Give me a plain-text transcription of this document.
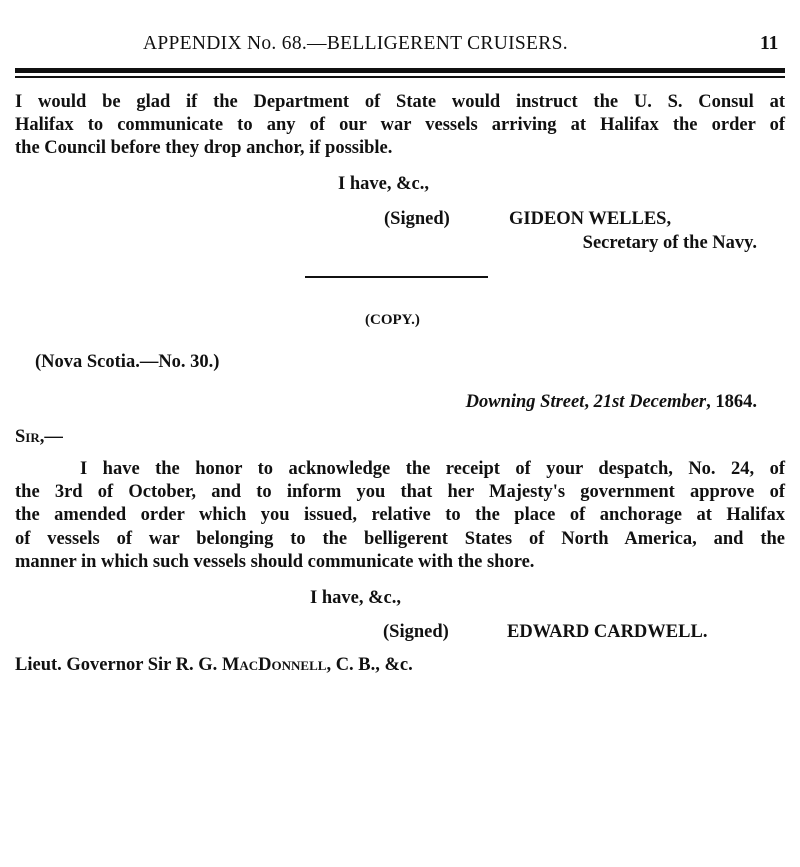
APPENDIX No. 68.—BELLIGERENT CRUISERS.	11
I would be glad if the Department of State would instruct the U. S. Consul at
Halifax to communicate to any of our war vessels arriving at Halifax the order of
the Council before they drop anchor, if possible.
I have, &c.,
(Signed)	GIDEON WELLES,
Secretary of the Navy.
(COPY.)
(Nova Scotia.—No. 30.)
Downing Street, 21st December, 1864.
Sir,—
I have the honor to acknowledge the receipt of your despatch, No. 24, of
the 3rd of October, and to inform you that her Majesty's government approve of
the amended order which you issued, relative to the place of anchorage at Halifax
of vessels of war belonging to the belligerent States of North America, and the
manner in which such vessels should communicate with the shore.
I have, &c.,
(Signed)	EDWARD CARDWELL.
Lieut. Governor Sir R. G. MacDonnell, C. B., &c.
